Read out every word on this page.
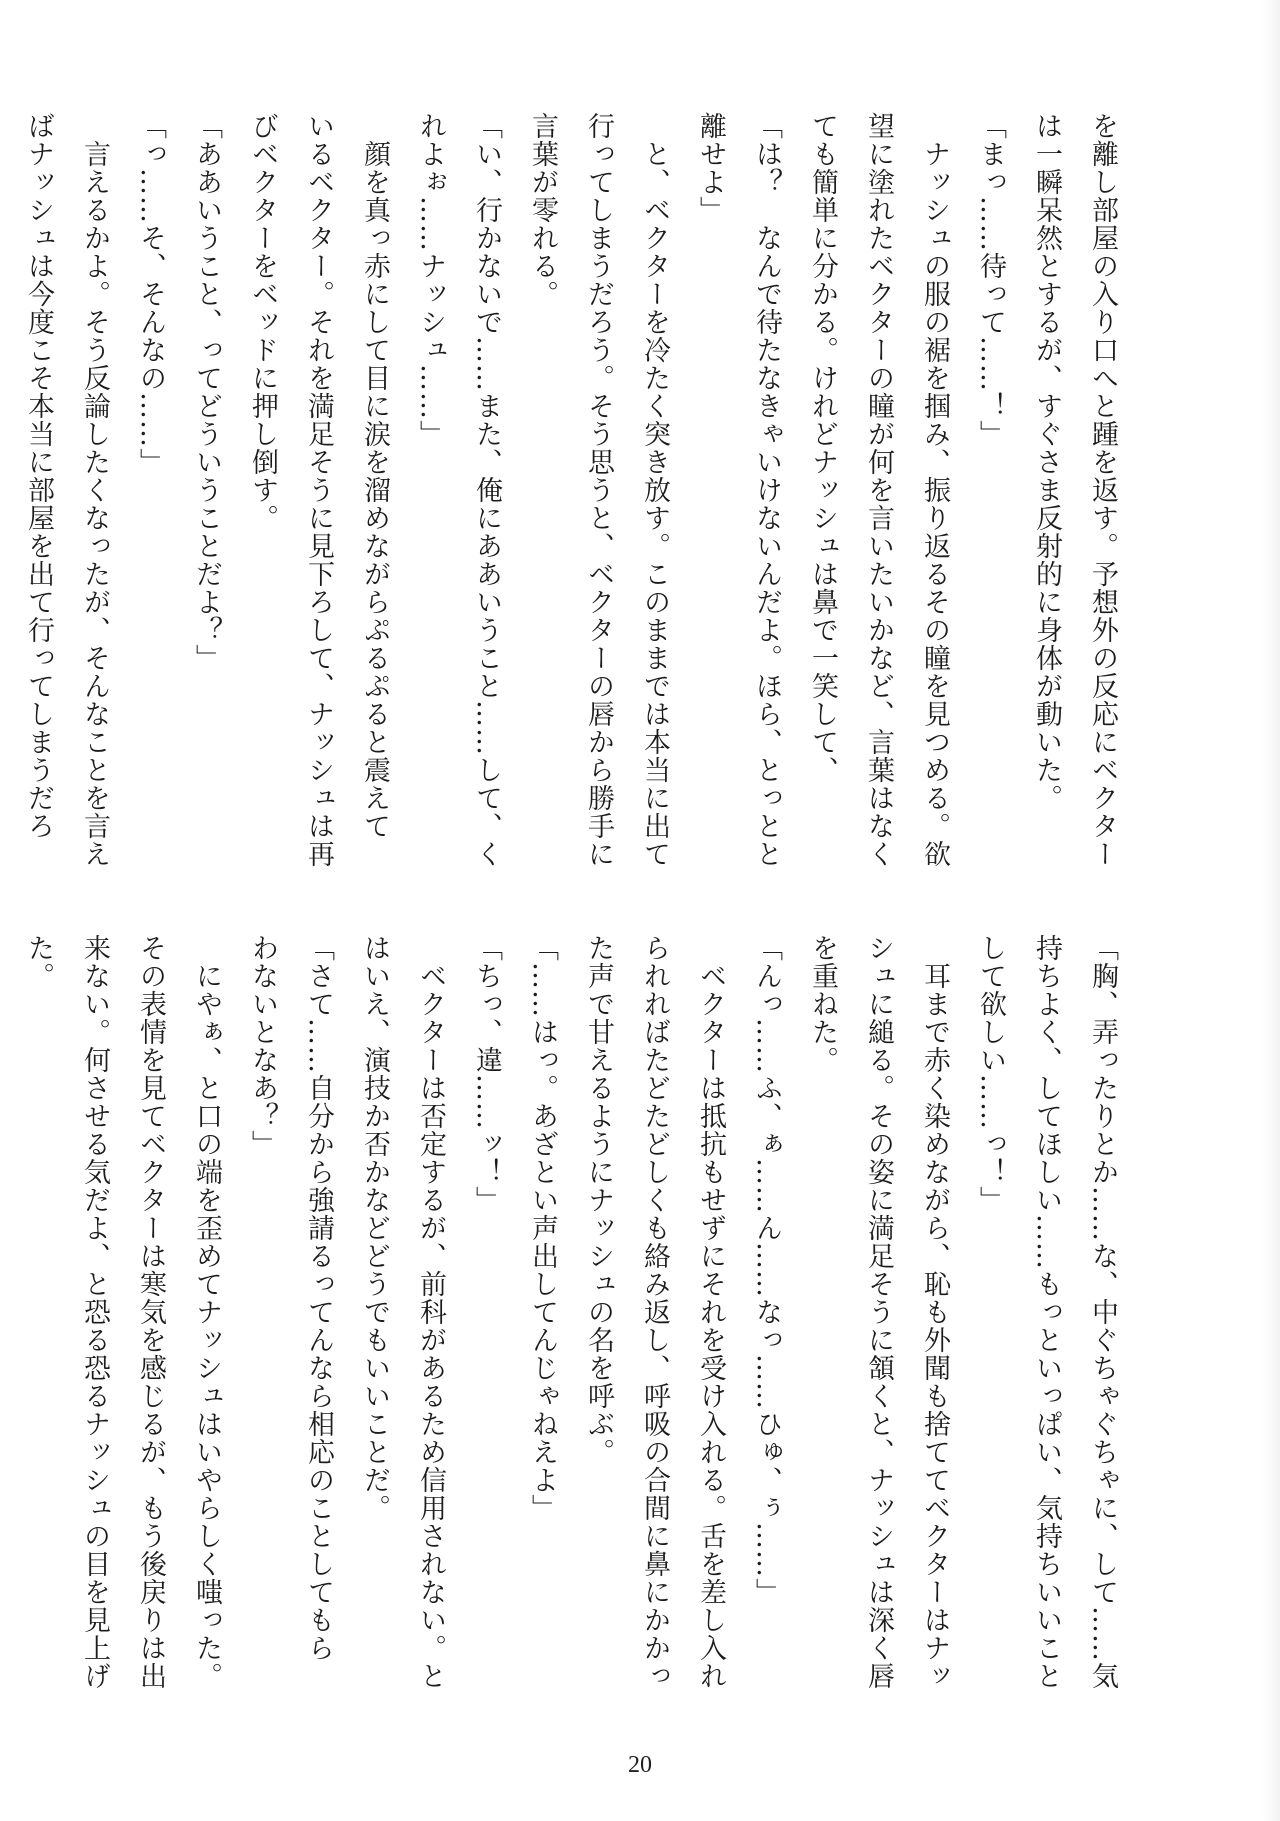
を離し部屋の入り口へと踵を返す。予想外の反応にベクター
は一瞬呆然とするが、すぐさま反射的に身体が動いた。
「まっ……待って……！」
　ナッシュの服の裾を掴み、振り返るその瞳を見つめる。欲
望に塗れたベクターの瞳が何を言いたいかなど、言葉はなく
ても簡単に分かる。けれどナッシュは鼻で一笑して、
「は？　なんで待たなきゃいけないんだよ。ほら、とっとと
離せよ」
　と、ベクターを冷たく突き放す。このままでは本当に出て
行ってしまうだろう。そう思うと、ベクターの唇から勝手に
言葉が零れる。
「い、行かないで……また、俺にああいうこと……して、く
れよぉ……ナッシュ……」
　顔を真っ赤にして目に涙を溜めながらぷるぷると震えて
いるベクター。それを満足そうに見下ろして、ナッシュは再
びベクターをベッドに押し倒す。
「ああいうこと、ってどういうことだよ？」
「っ……そ、そんなの……」
　言えるかよ。そう反論したくなったが、そんなことを言え
ばナッシュは今度こそ本当に部屋を出て行ってしまうだろ
「胸、弄ったりとか……な、中ぐちゃぐちゃに、して……気
持ちよく、してほしい……もっといっぱい、気持ちいいこと
して欲しい……っ！」
　耳まで赤く染めながら、恥も外聞も捨ててベクターはナッ
シュに縋る。その姿に満足そうに頷くと、ナッシュは深く唇
を重ねた。
「んっ……ふ、ぁ……ん……なっ……ひゅ、ぅ……」
　ベクターは抵抗もせずにそれを受け入れる。舌を差し入れ
られればたどたどしくも絡み返し、呼吸の合間に鼻にかかっ
た声で甘えるようにナッシュの名を呼ぶ。
「……はっ。あざとい声出してんじゃねえよ」
「ちっ、違……ッ！」
　ベクターは否定するが、前科があるため信用されない。と
はいえ、演技か否かなどどうでもいいことだ。
「さて……自分から強請るってんなら相応のことしてもら
わないとなあ？」
　にやぁ、と口の端を歪めてナッシュはいやらしく嗤った。
その表情を見てベクターは寒気を感じるが、もう後戻りは出
来ない。何させる気だよ、と恐る恐るナッシュの目を見上げ
た。
20
